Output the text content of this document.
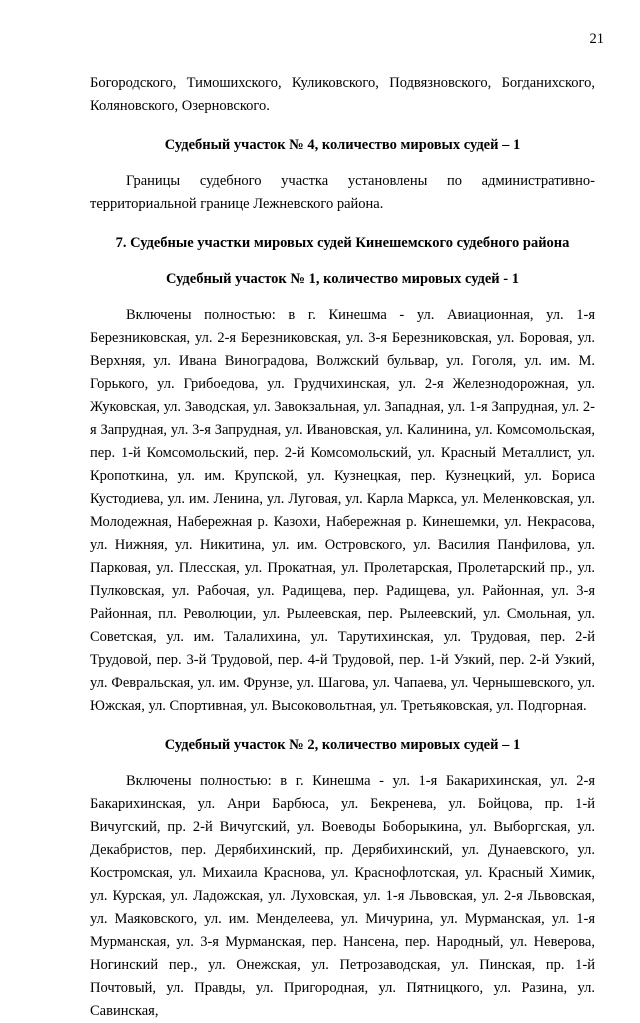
21

Богородского, Тимошихского, Куликовского, Подвязновского, Богданихского, Коляновского, Озерновского.

Судебный участок № 4, количество мировых судей – 1

Границы судебного участка установлены по административно-территориальной границе Лежневского района.

7. Судебные участки мировых судей Кинешемского судебного района

Судебный участок № 1, количество мировых судей - 1

Включены полностью: в г. Кинешма - ул. Авиационная, ул. 1-я Березниковская, ул. 2-я Березниковская, ул. 3-я Березниковская, ул. Боровая, ул. Верхняя, ул. Ивана Виноградова, Волжский бульвар, ул. Гоголя, ул. им. М. Горького, ул. Грибоедова, ул. Грудчихинская, ул. 2-я Железнодорожная, ул. Жуковская, ул. Заводская, ул. Завокзальная, ул. Западная, ул. 1-я Запрудная, ул. 2-я Запрудная, ул. 3-я Запрудная, ул. Ивановская, ул. Калинина, ул. Комсомольская, пер. 1-й Комсомольский, пер. 2-й Комсомольский, ул. Красный Металлист, ул. Кропоткина, ул. им. Крупской, ул. Кузнецкая, пер. Кузнецкий, ул. Бориса Кустодиева, ул. им. Ленина, ул. Луговая, ул. Карла Маркса, ул. Меленковская, ул. Молодежная, Набережная р. Казохи, Набережная р. Кинешемки, ул. Некрасова, ул. Нижняя, ул. Никитина, ул. им. Островского, ул. Василия Панфилова, ул. Парковая, ул. Плесская, ул. Прокатная, ул. Пролетарская, Пролетарский пр., ул. Пулковская, ул. Рабочая, ул. Радищева, пер. Радищева, ул. Районная, ул. 3-я Районная, пл. Революции, ул. Рылеевская, пер. Рылеевский, ул. Смольная, ул. Советская, ул. им. Талалихина, ул. Тарутихинская, ул. Трудовая, пер. 2-й Трудовой, пер. 3-й Трудовой, пер. 4-й Трудовой, пер. 1-й Узкий, пер. 2-й Узкий, ул. Февральская, ул. им. Фрунзе, ул. Шагова, ул. Чапаева, ул. Чернышевского, ул. Южская, ул. Спортивная, ул. Высоковольтная, ул. Третьяковская, ул. Подгорная.

Судебный участок № 2, количество мировых судей – 1

Включены полностью: в г. Кинешма - ул. 1-я Бакарихинская, ул. 2-я Бакарихинская, ул. Анри Барбюса, ул. Бекренева, ул. Бойцова, пр. 1-й Вичугский, пр. 2-й Вичугский, ул. Воеводы Боборыкина, ул. Выборгская, ул. Декабристов, пер. Дерябихинский, пр. Дерябихинский, ул. Дунаевского, ул. Костромская, ул. Михаила Краснова, ул. Краснофлотская, ул. Красный Химик, ул. Курская, ул. Ладожская, ул. Луховская, ул. 1-я Львовская, ул. 2-я Львовская, ул. Маяковского, ул. им. Менделеева, ул. Мичурина, ул. Мурманская, ул. 1-я Мурманская, ул. 3-я Мурманская, пер. Нансена, пер. Народный, ул. Неверова, Ногинский пер., ул. Онежская, ул. Петрозаводская, ул. Пинская, пр. 1-й Почтовый, ул. Правды, ул. Пригородная, ул. Пятницкого, ул. Разина, ул. Савинская,
